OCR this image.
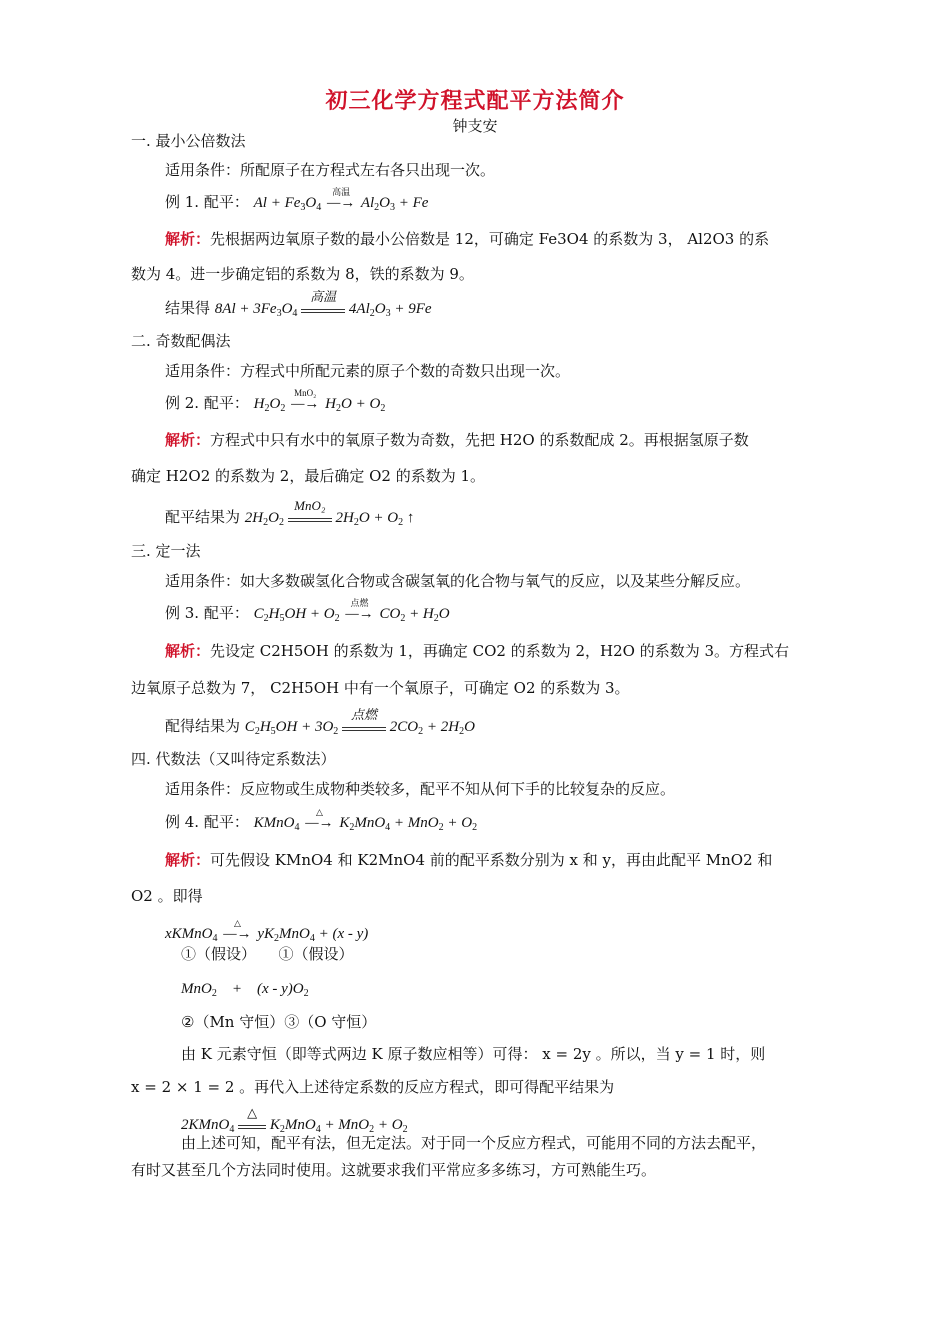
初三化学方程式配平方法简介
钟支安
一. 最小公倍数法
适用条件：所配原子在方程式左右各只出现一次。
例 1. 配平： $Al + Fe_3O_4$ —
高温
→ $Al_2O_3 + Fe$
解析：先根据两边氧原子数的最小公倍数是 12，可确定 Fe3O4 的系数为 3， Al2O3 的系
数为 4。进一步确定铝的系数为 8，铁的系数为 9。
结果得 $8Al + 3Fe_3O_4$
高温
$4Al_2O_3 + 9Fe$
二. 奇数配偶法
适用条件：方程式中所配元素的原子个数的奇数只出现一次。
例 2. 配平： $H_2O_2$ —
MnO₂
→ $H_2O + O_2$
解析：方程式中只有水中的氧原子数为奇数，先把 H2O 的系数配成 2。再根据氢原子数
确定 H2O2 的系数为 2，最后确定 O2 的系数为 1。
配平结果为 $2H_2O_2$
MnO₂
$2H_2O + O_2$ ↑
三. 定一法
适用条件：如大多数碳氢化合物或含碳氢氧的化合物与氧气的反应，以及某些分解反应。
例 3. 配平： $C_2H_5OH + O_2$ —
点燃
→ $CO_2 + H_2O$
解析：先设定 C2H5OH 的系数为 1，再确定 CO2 的系数为 2，H2O 的系数为 3。方程式右
边氧原子总数为 7， C2H5OH 中有一个氧原子，可确定 O2 的系数为 3。
配得结果为 $C_2H_5OH + 3O_2$
点燃
$2CO_2 + 2H_2O$
四. 代数法（又叫待定系数法）
适用条件：反应物或生成物种类较多，配平不知从何下手的比较复杂的反应。
例 4. 配平： KMnO$_4$ —
△
→ $K_2MnO_4 + MnO_2 + O_2$
解析：可先假设 KMnO4 和 K2MnO4 前的配平系数分别为 x 和 y，再由此配平 MnO2 和
O2 。即得
xKMnO$_4$ —
△
→ $yK_2MnO_4 + (x - y)$
①（假设）　　①（假设）
MnO$_2$　+　$(x - y)O_2$
②（Mn 守恒）③（O 守恒）
由 K 元素守恒（即等式两边 K 原子数应相等）可得： x = 2y 。所以，当 y = 1 时，则
x = 2 × 1 = 2 。再代入上述待定系数的反应方程式，即可得配平结果为
2KMnO$_4$
△
$K_2MnO_4 + MnO_2 + O_2$
由上述可知，配平有法，但无定法。对于同一个反应方程式，可能用不同的方法去配平，
有时又甚至几个方法同时使用。这就要求我们平常应多多练习，方可熟能生巧。
